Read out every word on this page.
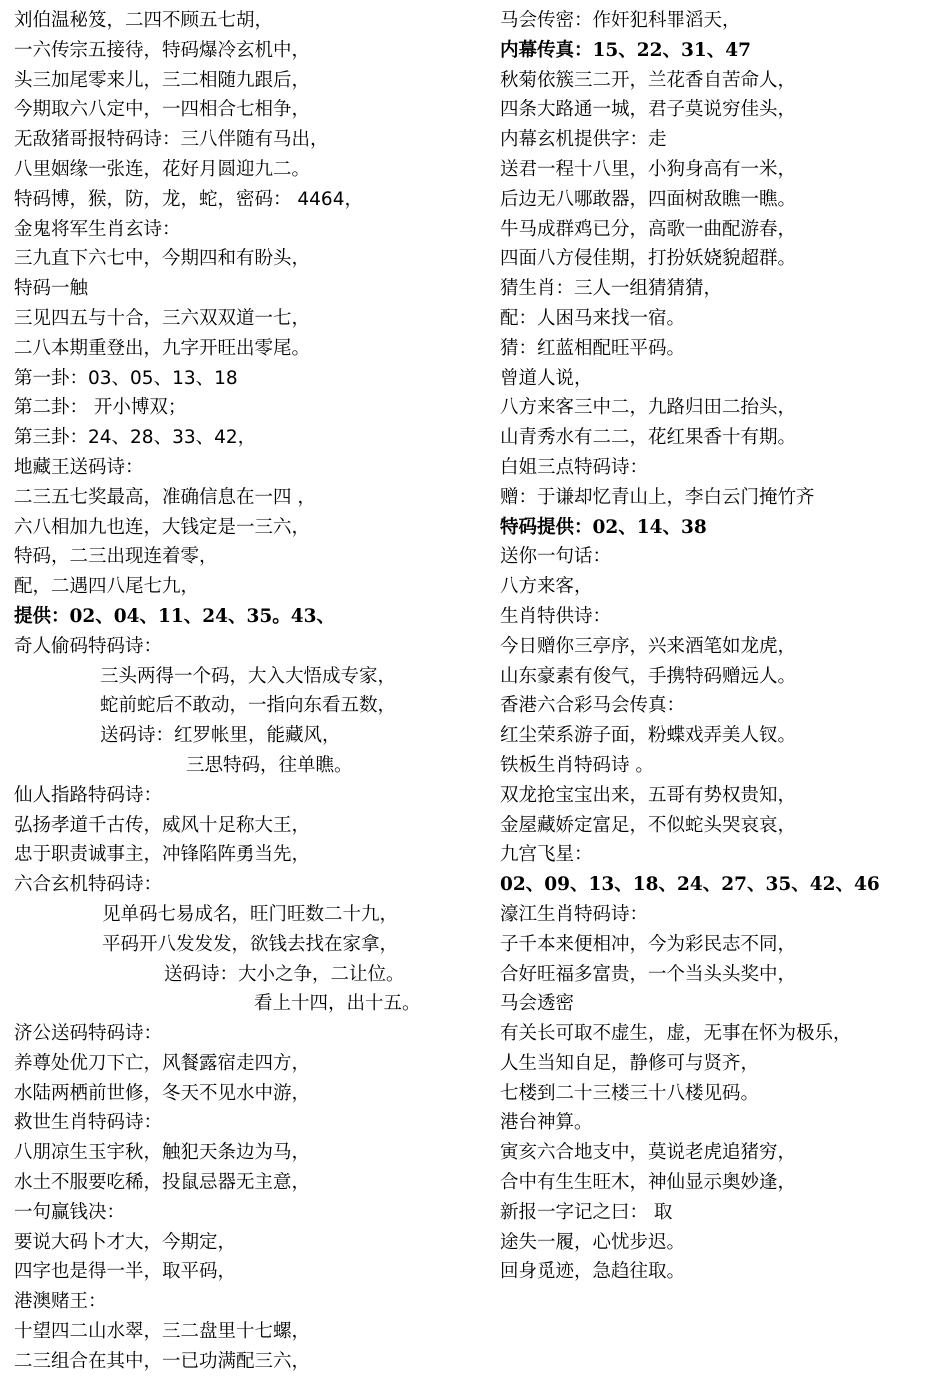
刘伯温秘笈，二四不顾五七胡，
一六传宗五接待，特码爆冷玄机中，
头三加尾零来儿，三二相随九跟后，
今期取六八定中，一四相合七相争，
无敌猪哥报特码诗：三八伴随有马出，
八里姻缘一张连，花好月圆迎九二。
特码博，猴，防，龙，蛇，密码： 4464，
金鬼将军生肖玄诗：
三九直下六七中，今期四和有盼头，
特码一触
三见四五与十合，三六双双道一七，
二八本期重登出，九字开旺出零尾。
第一卦：03、05、13、18
第二卦： 开小博双；
第三卦：24、28、33、42，
地藏王送码诗：
二三五七奖最高，准确信息在一四 ，
六八相加九也连，大钱定是一三六，
特码，二三出现连着零，
配，二遇四八尾七九，
提供：02、04、11、24、35。43、
奇人偷码特码诗：
三头两得一个码，大入大悟成专家，
蛇前蛇后不敢动，一指向东看五数，
送码诗：红罗帐里，能藏风，
三思特码，往单瞧。
仙人指路特码诗：
弘扬孝道千古传，威风十足称大王，
忠于职责诚事主，冲锋陷阵勇当先，
六合玄机特码诗：
见单码七易成名，旺门旺数二十九，
平码开八发发发，欲钱去找在家拿，
送码诗：大小之争，二让位。
看上十四，出十五。
济公送码特码诗：
养尊处优刀下亡，风餐露宿走四方，
水陆两栖前世修，冬天不见水中游，
救世生肖特码诗：
八朋凉生玉宇秋，触犯天条边为马，
水土不服要吃稀，投鼠忌器无主意，
一句赢钱决：
要说大码卜才大，今期定，
四字也是得一半，取平码，
港澳赌王：
十望四二山水翠，三二盘里十七螺，
二三组合在其中，一已功满配三六，
马会传密：作奸犯科罪滔天，
内幕传真：15、22、31、47
秋菊依簇三二开，兰花香自苦命人，
四条大路通一城，君子莫说穷佳头，
内幕玄机提供字：走
送君一程十八里，小狗身高有一米，
后边无八哪敢器，四面树敌瞧一瞧。
牛马成群鸡已分，高歌一曲配游春，
四面八方侵佳期，打扮妖娆貌超群。
猜生肖：三人一组猜猜猜，
配：人困马来找一宿。
猜：红蓝相配旺平码。
曾道人说，
八方来客三中二，九路归田二抬头，
山青秀水有二二，花红果香十有期。
白姐三点特码诗：
赠：于谦却忆青山上，李白云门掩竹齐
特码提供：02、14、38
送你一句话：
八方来客，
生肖特供诗：
今日赠你三亭序，兴来酒笔如龙虎，
山东豪素有俊气，手携特码赠远人。
香港六合彩马会传真：
红尘荣系游子面，粉蝶戏弄美人钗。
铁板生肖特码诗 。
双龙抢宝宝出来，五哥有势权贵知，
金屋藏娇定富足，不似蛇头哭哀哀，
九宫飞星：
02、09、13、18、24、27、35、42、46
濠江生肖特码诗：
子千本来便相冲，今为彩民志不同，
合好旺福多富贵，一个当头头奖中，
马会透密
有关长可取不虚生，虚，无事在怀为极乐，
人生当知自足，静修可与贤齐，
七楼到二十三楼三十八楼见码。
港台神算。
寅亥六合地支中，莫说老虎追猪穷，
合中有生生旺木，神仙显示奥妙逢，
新报一字记之曰： 取
途失一履，心忧步迟。
回身觅迹，急趋往取。
